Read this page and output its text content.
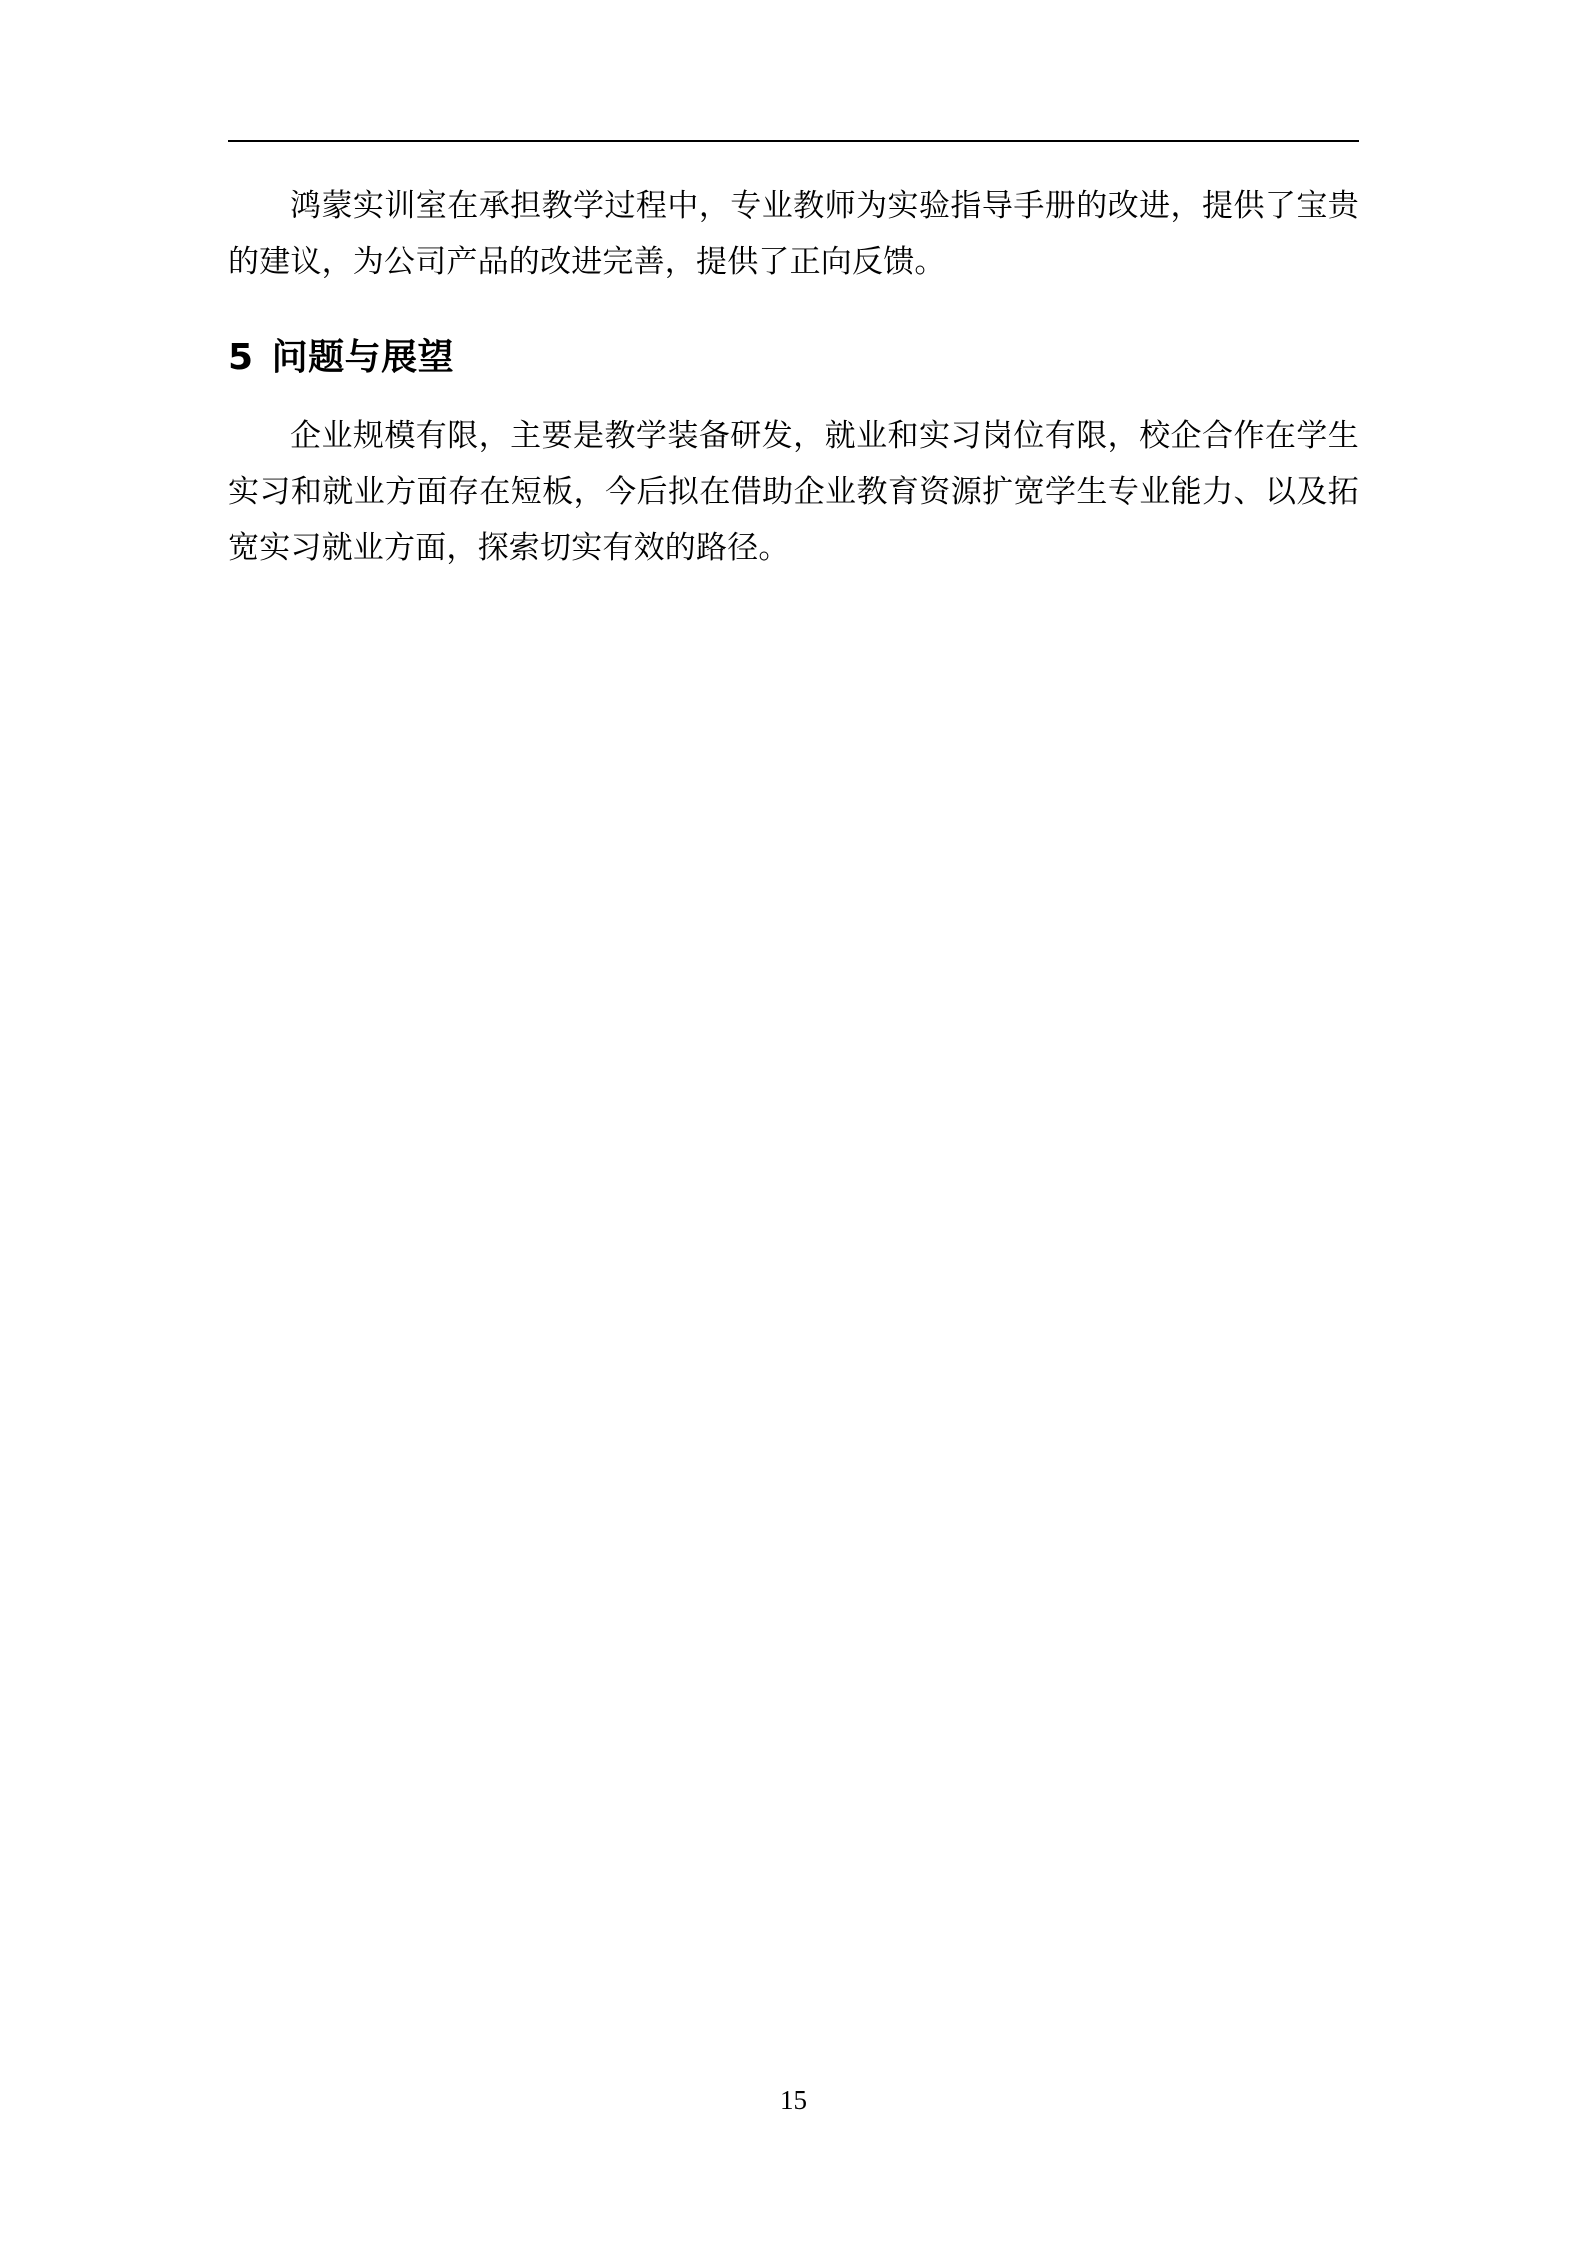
鸿蒙实训室在承担教学过程中，专业教师为实验指导手册的改进，提供了宝贵的建议，为公司产品的改进完善，提供了正向反馈。

5 问题与展望

企业规模有限，主要是教学装备研发，就业和实习岗位有限，校企合作在学生实习和就业方面存在短板，今后拟在借助企业教育资源扩宽学生专业能力、以及拓宽实习就业方面，探索切实有效的路径。

15
